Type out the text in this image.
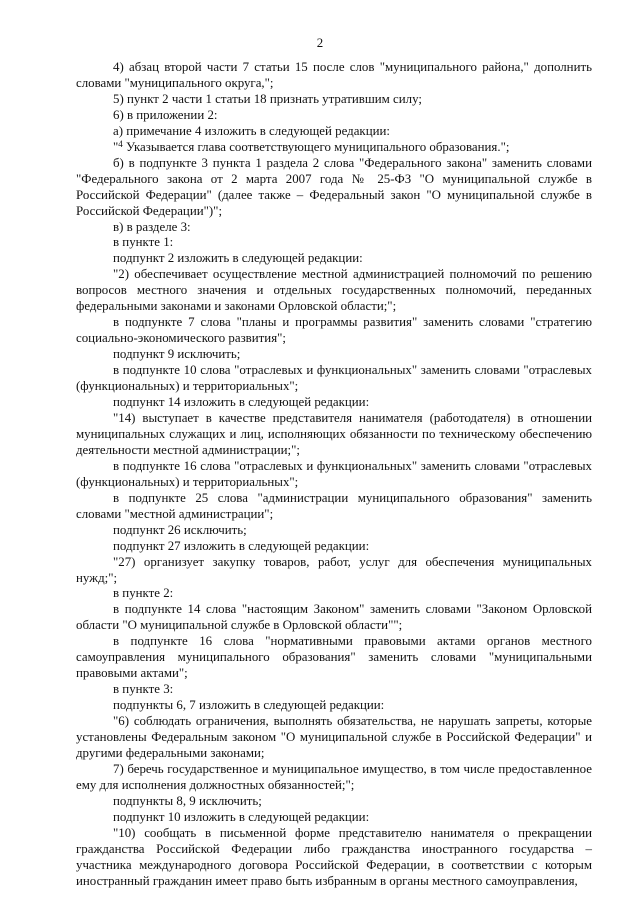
2

4) абзац второй части 7 статьи 15 после слов "муниципального района," дополнить словами "муниципального округа,";

5) пункт 2 части 1 статьи 18 признать утратившим силу;

6) в приложении 2:

а) примечание 4 изложить в следующей редакции:

"$^4$ Указывается глава соответствующего муниципального образования.";

б) в подпункте 3 пункта 1 раздела 2 слова "Федерального закона" заменить словами "Федерального закона от 2 марта 2007 года № 25-ФЗ "О муниципальной службе в Российской Федерации" (далее также – Федеральный закон "О муниципальной службе в Российской Федерации")";

в) в разделе 3:

в пункте 1:

подпункт 2 изложить в следующей редакции:

"2) обеспечивает осуществление местной администрацией полномочий по решению вопросов местного значения и отдельных государственных полномочий, переданных федеральными законами и законами Орловской области;";

в подпункте 7 слова "планы и программы развития" заменить словами "стратегию социально-экономического развития";

подпункт 9 исключить;

в подпункте 10 слова "отраслевых и функциональных" заменить словами "отраслевых (функциональных) и территориальных";

подпункт 14 изложить в следующей редакции:

"14) выступает в качестве представителя нанимателя (работодателя) в отношении муниципальных служащих и лиц, исполняющих обязанности по техническому обеспечению деятельности местной администрации;";

в подпункте 16 слова "отраслевых и функциональных" заменить словами "отраслевых (функциональных) и территориальных";

в подпункте 25 слова "администрации муниципального образования" заменить словами "местной администрации";

подпункт 26 исключить;

подпункт 27 изложить в следующей редакции:

"27) организует закупку товаров, работ, услуг для обеспечения муниципальных нужд;";

в пункте 2:

в подпункте 14 слова "настоящим Законом" заменить словами "Законом Орловской области "О муниципальной службе в Орловской области"";

в подпункте 16 слова "нормативными правовыми актами органов местного самоуправления муниципального образования" заменить словами "муниципальными правовыми актами";

в пункте 3:

подпункты 6, 7 изложить в следующей редакции:

"6) соблюдать ограничения, выполнять обязательства, не нарушать запреты, которые установлены Федеральным законом "О муниципальной службе в Российской Федерации" и другими федеральными законами;

7) беречь государственное и муниципальное имущество, в том числе предоставленное ему для исполнения должностных обязанностей;";

подпункты 8, 9 исключить;

подпункт 10 изложить в следующей редакции:

"10) сообщать в письменной форме представителю нанимателя о прекращении гражданства Российской Федерации либо гражданства иностранного государства – участника международного договора Российской Федерации, в соответствии с которым иностранный гражданин имеет право быть избранным в органы местного самоуправления,
